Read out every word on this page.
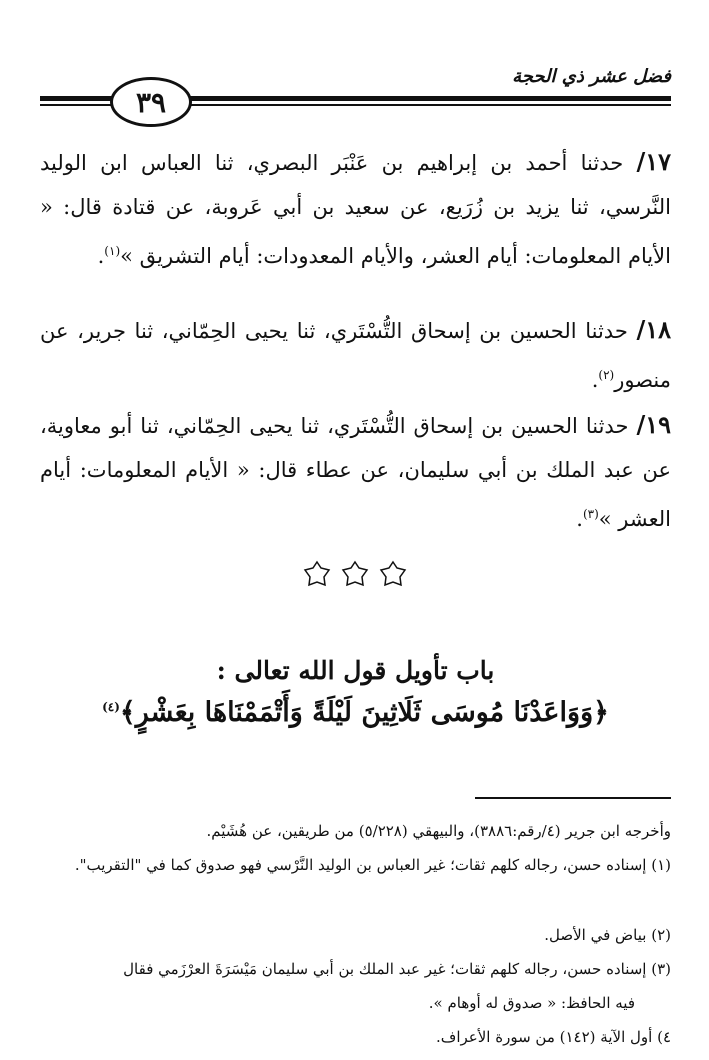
فضل عشر ذي الحجة
٣٩
١٧/ حدثنا أحمد بن إبراهيم بن عَنْبَر البصري، ثنا العباس ابن الوليد النَّرسي، ثنا يزيد بن زُرَيع، عن سعيد بن أبي عَروبة، عن قتادة قال: « الأيام المعلومات: أيام العشر، والأيام المعدودات: أيام التشريق »$^{(١)}$.
١٨/ حدثنا الحسين بن إسحاق التُّسْتَري، ثنا يحيى الحِمّاني، ثنا جرير، عن منصور$^{(٢)}$.
١٩/ حدثنا الحسين بن إسحاق التُّسْتَري، ثنا يحيى الحِمّاني، ثنا أبو معاوية، عن عبد الملك بن أبي سليمان، عن عطاء قال: « الأيام المعلومات: أيام العشر »$^{(٣)}$.
باب تأويل قول الله تعالى :
﴿وَوَاعَدْنَا مُوسَى ثَلَاثِينَ لَيْلَةً وَأَتْمَمْنَاهَا بِعَشْرٍ﴾$^{(٤)}$
وأخرجه ابن جرير (٤/رقم:٣٨٨٦)، والبيهقي (٥/٢٢٨) من طريقين، عن هُشَيْم.
(١) إسناده حسن، رجاله كلهم ثقات؛ غير العباس بن الوليد النَّرْسي فهو صدوق كما في "التقريب".
(٢) بياض في الأصل.
(٣) إسناده حسن، رجاله كلهم ثقات؛ غير عبد الملك بن أبي سليمان مَيْسَرَةَ العرْزَمي فقال
فيه الحافظ: « صدوق له أوهام ».
٤) أول الآية (١٤٢) من سورة الأعراف.
